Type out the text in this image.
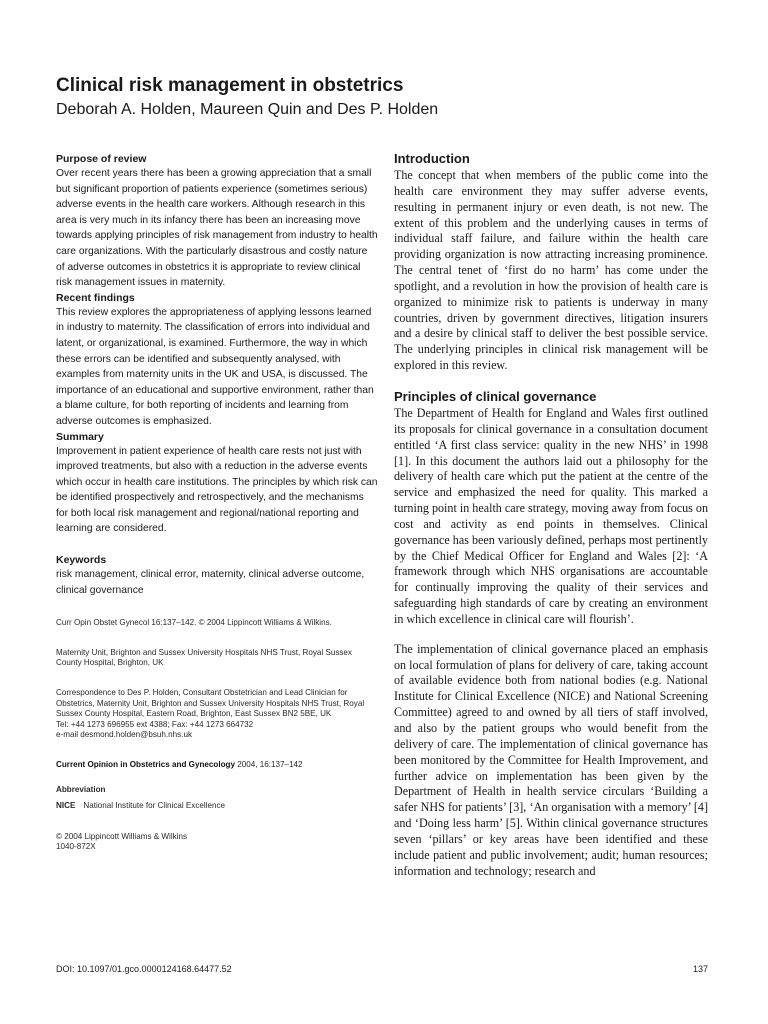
Clinical risk management in obstetrics
Deborah A. Holden, Maureen Quin and Des P. Holden

Purpose of review

Over recent years there has been a growing appreciation that a small but significant proportion of patients experience (sometimes serious) adverse events in the health care workers. Although research in this area is very much in its infancy there has been an increasing move towards applying principles of risk management from industry to health care organizations. With the particularly disastrous and costly nature of adverse outcomes in obstetrics it is appropriate to review clinical risk management issues in maternity.

Recent findings

This review explores the appropriateness of applying lessons learned in industry to maternity. The classification of errors into individual and latent, or organizational, is examined. Furthermore, the way in which these errors can be identified and subsequently analysed, with examples from maternity units in the UK and USA, is discussed. The importance of an educational and supportive environment, rather than a blame culture, for both reporting of incidents and learning from adverse outcomes is emphasized.

Summary

Improvement in patient experience of health care rests not just with improved treatments, but also with a reduction in the adverse events which occur in health care institutions. The principles by which risk can be identified prospectively and retrospectively, and the mechanisms for both local risk management and regional/national reporting and learning are considered.

Keywords

risk management, clinical error, maternity, clinical adverse outcome, clinical governance

Curr Opin Obstet Gynecol 16:137–142. © 2004 Lippincott Williams & Wilkins.

Maternity Unit, Brighton and Sussex University Hospitals NHS Trust, Royal Sussex County Hospital, Brighton, UK

Correspondence to Des P. Holden, Consultant Obstetrician and Lead Clinician for Obstetrics, Maternity Unit, Brighton and Sussex University Hospitals NHS Trust, Royal Sussex County Hospital, Eastern Road, Brighton, East Sussex BN2 5BE, UK
Tel: +44 1273 696955 ext 4388; Fax: +44 1273 664732
e-mail desmond.holden@bsuh.nhs.uk

Current Opinion in Obstetrics and Gynecology 2004, 16:137–142

Abbreviation

NICE National Institute for Clinical Excellence

© 2004 Lippincott Williams & Wilkins
1040-872X

Introduction

The concept that when members of the public come into the health care environment they may suffer adverse events, resulting in permanent injury or even death, is not new. The extent of this problem and the underlying causes in terms of individual staff failure, and failure within the health care providing organization is now attracting increasing prominence. The central tenet of ‘first do no harm’ has come under the spotlight, and a revolution in how the provision of health care is organized to minimize risk to patients is underway in many countries, driven by government directives, litigation insurers and a desire by clinical staff to deliver the best possible service. The underlying principles in clinical risk management will be explored in this review.

Principles of clinical governance

The Department of Health for England and Wales first outlined its proposals for clinical governance in a consultation document entitled ‘A first class service: quality in the new NHS’ in 1998 [1]. In this document the authors laid out a philosophy for the delivery of health care which put the patient at the centre of the service and emphasized the need for quality. This marked a turning point in health care strategy, moving away from focus on cost and activity as end points in themselves. Clinical governance has been variously defined, perhaps most pertinently by the Chief Medical Officer for England and Wales [2]: ‘A framework through which NHS organisations are accountable for continually improving the quality of their services and safeguarding high standards of care by creating an environment in which excellence in clinical care will flourish’.

The implementation of clinical governance placed an emphasis on local formulation of plans for delivery of care, taking account of available evidence both from national bodies (e.g. National Institute for Clinical Excellence (NICE) and National Screening Committee) agreed to and owned by all tiers of staff involved, and also by the patient groups who would benefit from the delivery of care. The implementation of clinical governance has been monitored by the Committee for Health Improvement, and further advice on implementation has been given by the Department of Health in health service circulars ‘Building a safer NHS for patients’ [3], ‘An organisation with a memory’ [4] and ‘Doing less harm’ [5]. Within clinical governance structures seven ‘pillars’ or key areas have been identified and these include patient and public involvement; audit; human resources; information and technology; research and

DOI: 10.1097/01.gco.0000124168.64477.52	137
